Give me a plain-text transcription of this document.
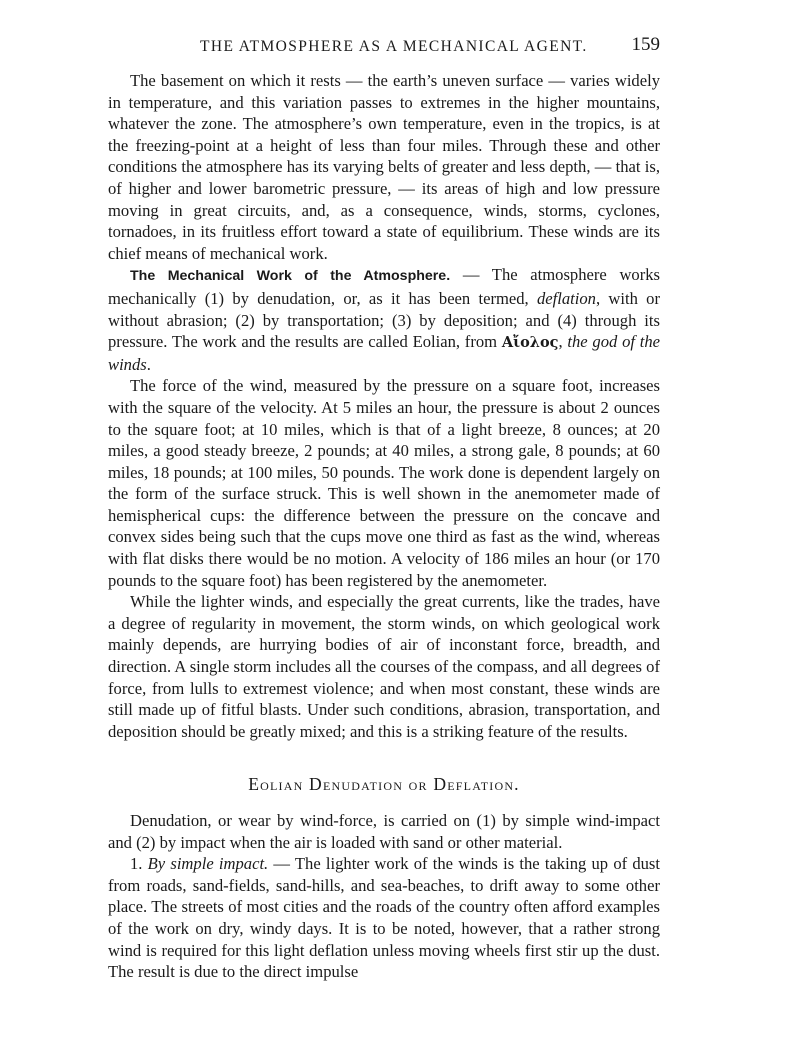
THE ATMOSPHERE AS A MECHANICAL AGENT. 159

The basement on which it rests — the earth’s uneven surface — varies widely in temperature, and this variation passes to extremes in the higher mountains, whatever the zone. The atmosphere’s own temperature, even in the tropics, is at the freezing-point at a height of less than four miles. Through these and other conditions the atmosphere has its varying belts of greater and less depth, — that is, of higher and lower barometric pressure, — its areas of high and low pressure moving in great circuits, and, as a consequence, winds, storms, cyclones, tornadoes, in its fruitless effort toward a state of equilibrium. These winds are its chief means of mechanical work.

The Mechanical Work of the Atmosphere. — The atmosphere works mechanically (1) by denudation, or, as it has been termed, deflation, with or without abrasion; (2) by transportation; (3) by deposition; and (4) through its pressure. The work and the results are called Eolian, from Αἴολος, the god of the winds.

The force of the wind, measured by the pressure on a square foot, increases with the square of the velocity. At 5 miles an hour, the pressure is about 2 ounces to the square foot; at 10 miles, which is that of a light breeze, 8 ounces; at 20 miles, a good steady breeze, 2 pounds; at 40 miles, a strong gale, 8 pounds; at 60 miles, 18 pounds; at 100 miles, 50 pounds. The work done is dependent largely on the form of the surface struck. This is well shown in the anemometer made of hemispherical cups: the difference between the pressure on the concave and convex sides being such that the cups move one third as fast as the wind, whereas with flat disks there would be no motion. A velocity of 186 miles an hour (or 170 pounds to the square foot) has been registered by the anemometer.

While the lighter winds, and especially the great currents, like the trades, have a degree of regularity in movement, the storm winds, on which geological work mainly depends, are hurrying bodies of air of inconstant force, breadth, and direction. A single storm includes all the courses of the compass, and all degrees of force, from lulls to extremest violence; and when most constant, these winds are still made up of fitful blasts. Under such conditions, abrasion, transportation, and deposition should be greatly mixed; and this is a striking feature of the results.

Eolian Denudation or Deflation.

Denudation, or wear by wind-force, is carried on (1) by simple wind-impact and (2) by impact when the air is loaded with sand or other material.

1. By simple impact. — The lighter work of the winds is the taking up of dust from roads, sand-fields, sand-hills, and sea-beaches, to drift away to some other place. The streets of most cities and the roads of the country often afford examples of the work on dry, windy days. It is to be noted, however, that a rather strong wind is required for this light deflation unless moving wheels first stir up the dust. The result is due to the direct impulse
